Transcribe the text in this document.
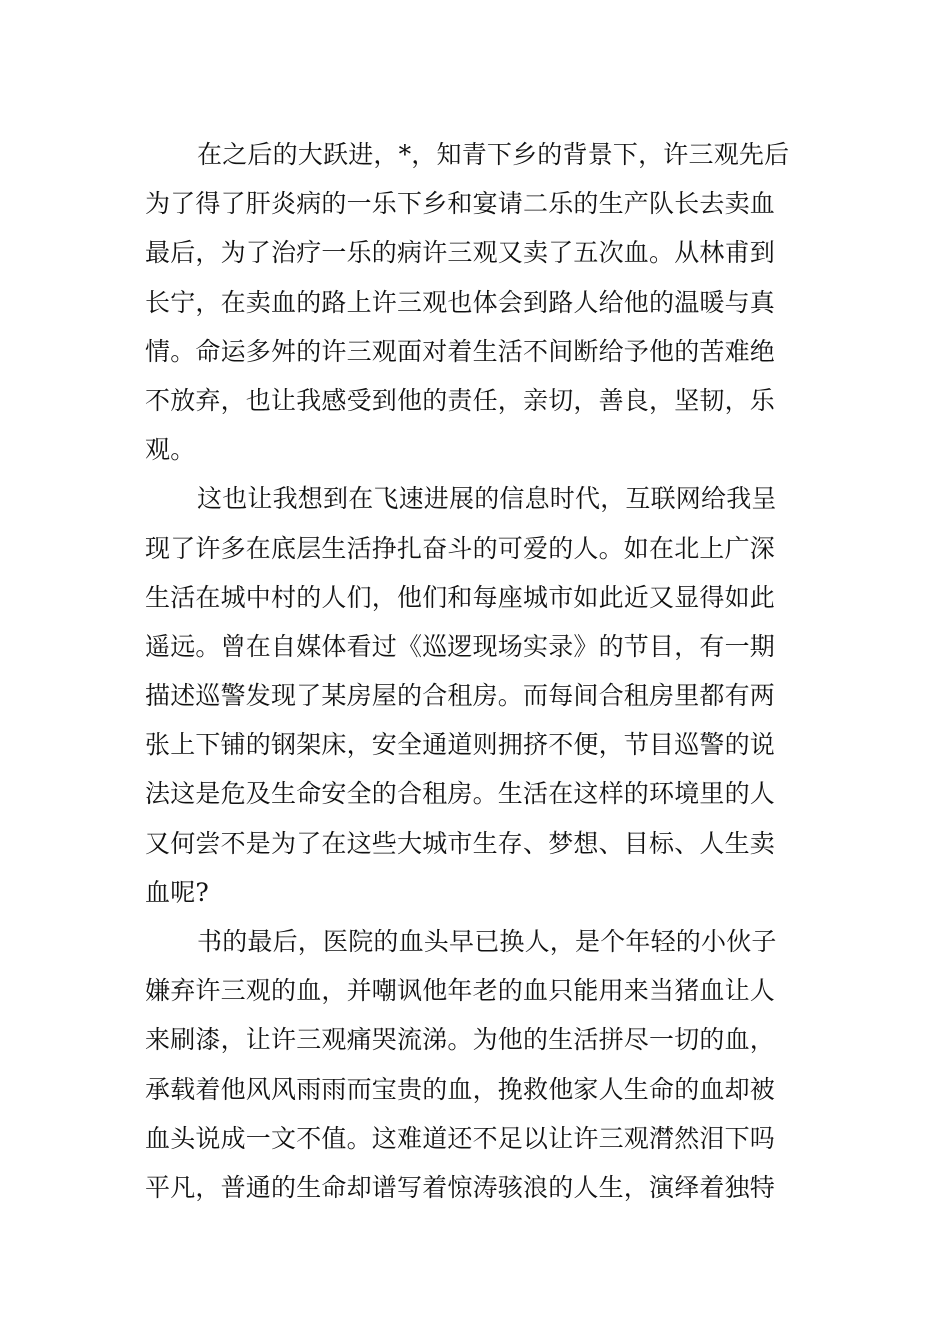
在之后的大跃进，*，知青下乡的背景下，许三观先后
为了得了肝炎病的一乐下乡和宴请二乐的生产队长去卖血
最后，为了治疗一乐的病许三观又卖了五次血。从林甫到
长宁，在卖血的路上许三观也体会到路人给他的温暖与真
情。命运多舛的许三观面对着生活不间断给予他的苦难绝
不放弃，也让我感受到他的责任，亲切，善良，坚韧，乐
观。
这也让我想到在飞速进展的信息时代，互联网给我呈
现了许多在底层生活挣扎奋斗的可爱的人。如在北上广深
生活在城中村的人们，他们和每座城市如此近又显得如此
遥远。曾在自媒体看过《巡逻现场实录》的节目，有一期
描述巡警发现了某房屋的合租房。而每间合租房里都有两
张上下铺的钢架床，安全通道则拥挤不便，节目巡警的说
法这是危及生命安全的合租房。生活在这样的环境里的人
又何尝不是为了在这些大城市生存、梦想、目标、人生卖
血呢?
书的最后，医院的血头早已换人，是个年轻的小伙子
嫌弃许三观的血，并嘲讽他年老的血只能用来当猪血让人
来刷漆，让许三观痛哭流涕。为他的生活拼尽一切的血，
承载着他风风雨雨而宝贵的血，挽救他家人生命的血却被
血头说成一文不值。这难道还不足以让许三观潸然泪下吗
平凡，普通的生命却谱写着惊涛骇浪的人生，演绎着独特
